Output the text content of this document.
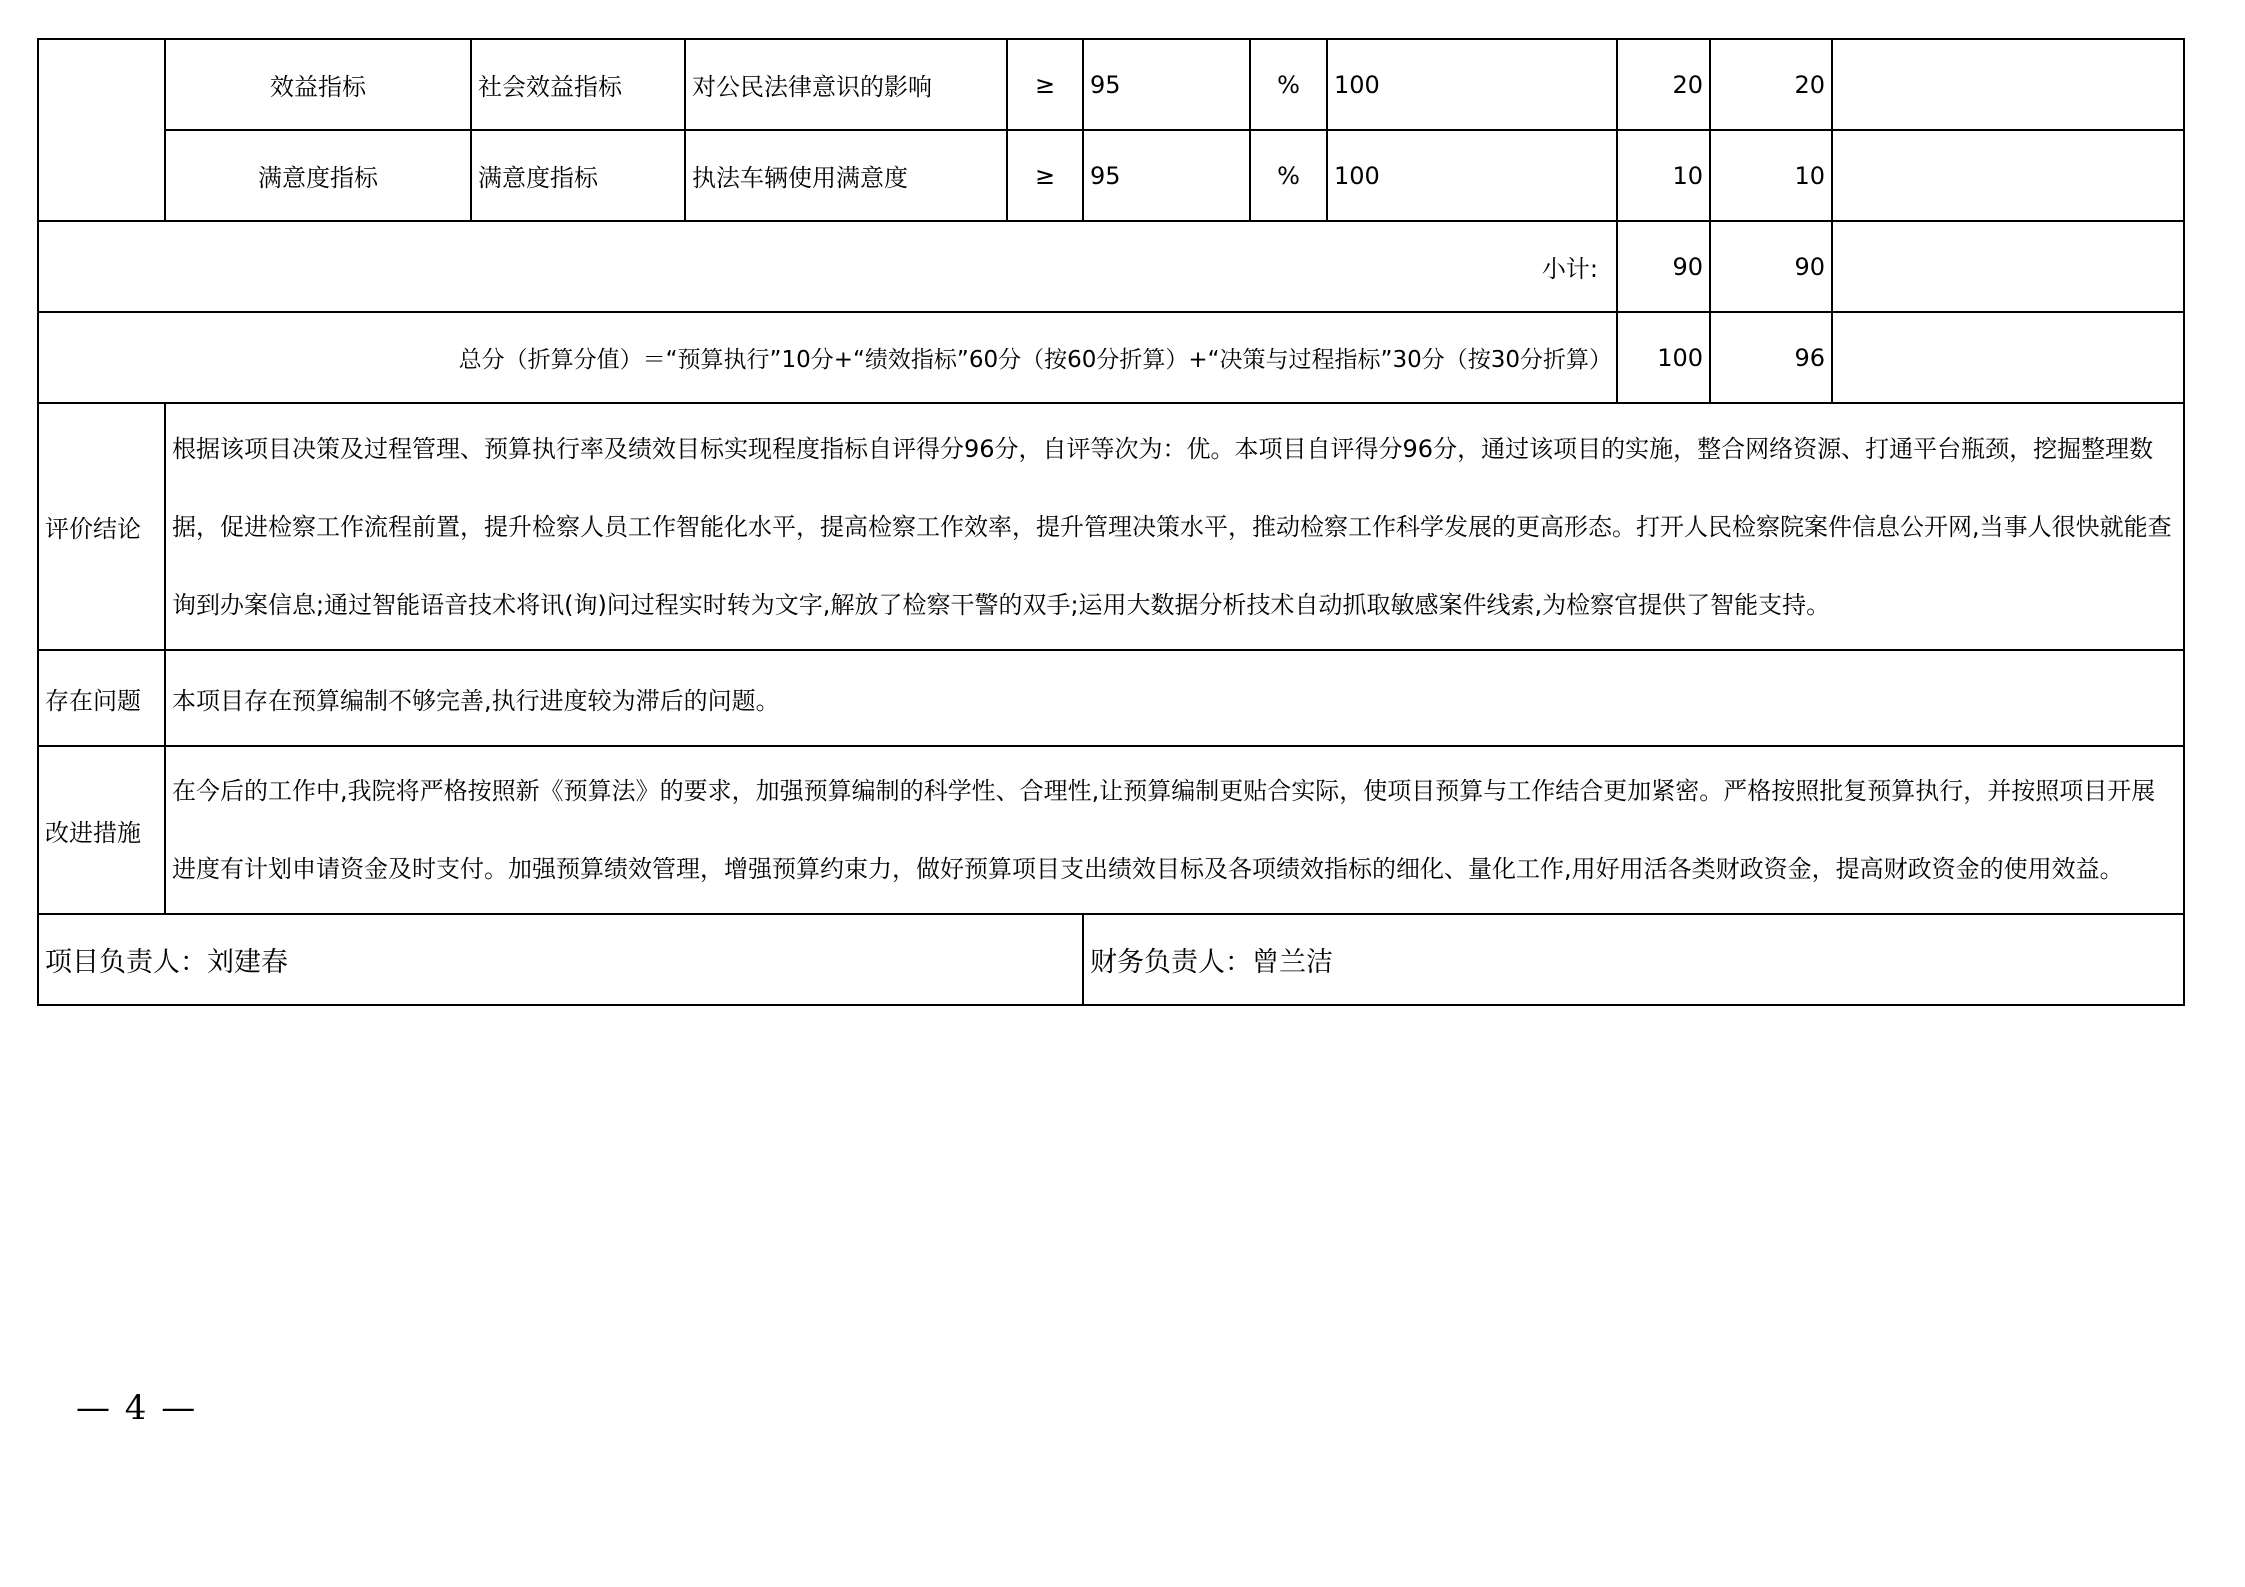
	效益指标	社会效益指标	对公民法律意识的影响	≥	95	%	100	20	20	
	满意度指标	满意度指标	执法车辆使用满意度	≥	95	%	100	10	10	
小计:								90	90	
总分（折算分值）＝“预算执行”10分+“绩效指标”60分（按60分折算）+“决策与过程指标”30分（按30分折算）								100	96	
评价结论	根据该项目决策及过程管理、预算执行率及绩效目标实现程度指标自评得分96分，自评等次为：优。本项目自评得分96分，通过该项目的实施，整合网络资源、打通平台瓶颈，挖掘整理数据，促进检察工作流程前置，提升检察人员工作智能化水平，提高检察工作效率，提升管理决策水平，推动检察工作科学发展的更高形态。打开人民检察院案件信息公开网,当事人很快就能查询到办案信息;通过智能语音技术将讯(询)问过程实时转为文字,解放了检察干警的双手;运用大数据分析技术自动抓取敏感案件线索,为检察官提供了智能支持。									
存在问题	本项目存在预算编制不够完善,执行进度较为滞后的问题。									
改进措施	在今后的工作中,我院将严格按照新《预算法》的要求，加强预算编制的科学性、合理性,让预算编制更贴合实际，使项目预算与工作结合更加紧密。严格按照批复预算执行，并按照项目开展进度有计划申请资金及时支付。加强预算绩效管理，增强预算约束力，做好预算项目支出绩效目标及各项绩效指标的细化、量化工作,用好用活各类财政资金，提高财政资金的使用效益。									
项目负责人：刘建春					财务负责人：曾兰洁					
— 4 —
